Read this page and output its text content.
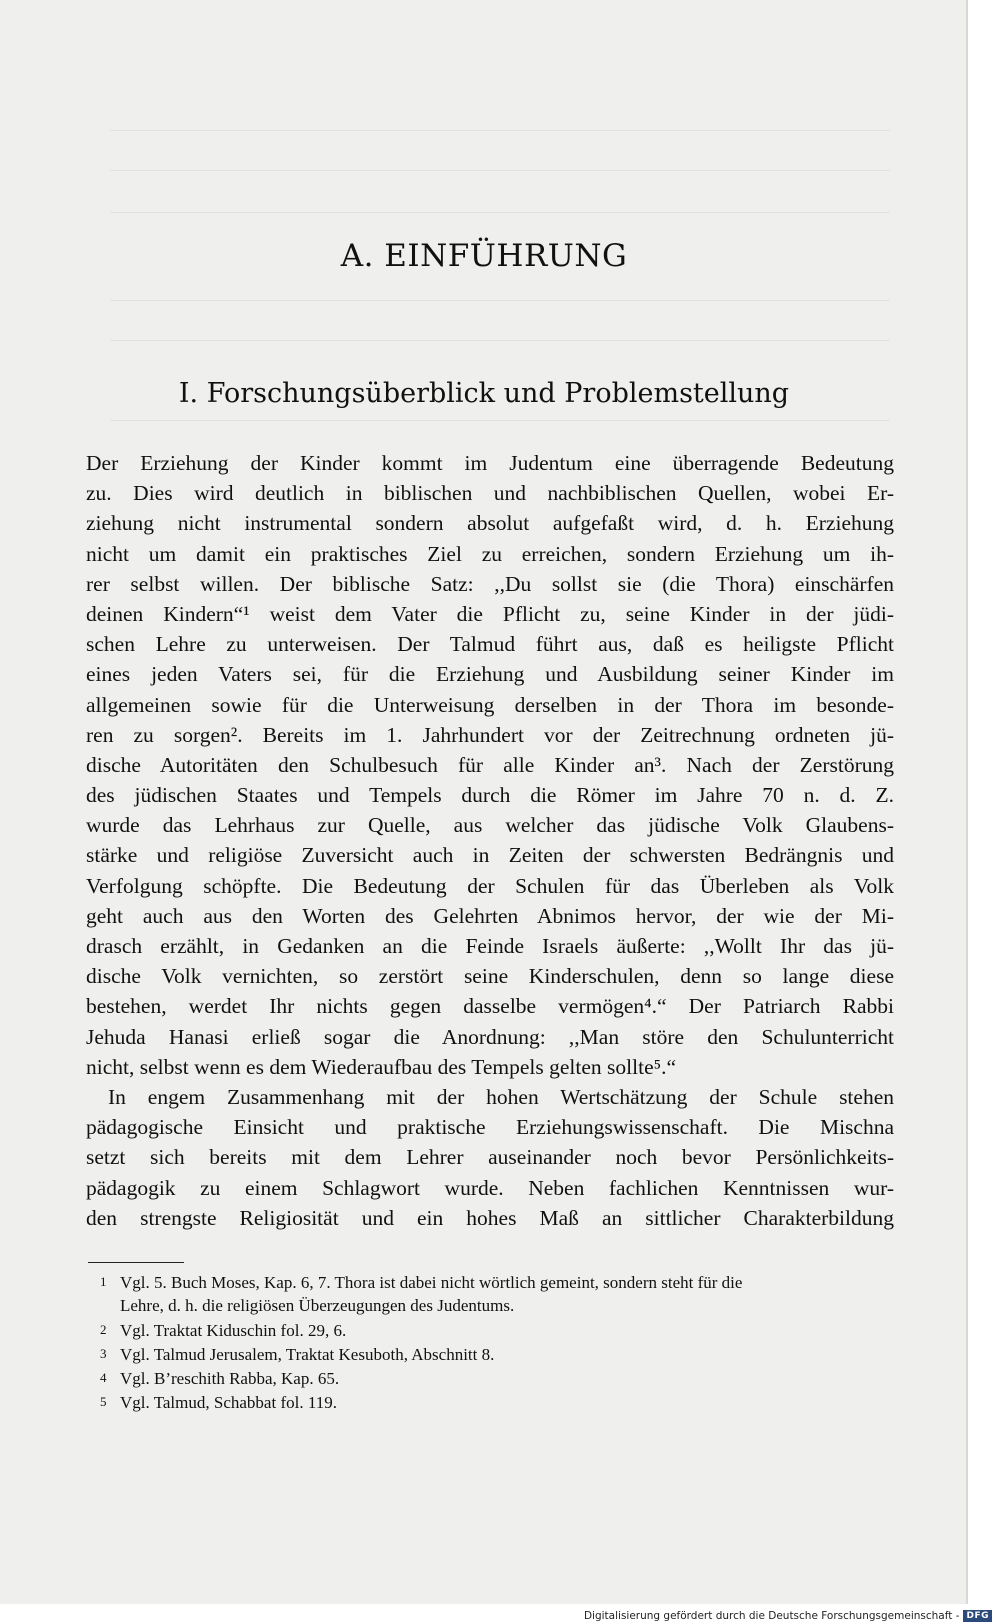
A. EINFÜHRUNG
I. Forschungsüberblick und Problemstellung
Der Erziehung der Kinder kommt im Judentum eine überragende Bedeutung
zu. Dies wird deutlich in biblischen und nachbiblischen Quellen, wobei Er-
ziehung nicht instrumental sondern absolut aufgefaßt wird, d. h. Erziehung
nicht um damit ein praktisches Ziel zu erreichen, sondern Erziehung um ih-
rer selbst willen. Der biblische Satz: ,,Du sollst sie (die Thora) einschärfen
deinen Kindern“¹ weist dem Vater die Pflicht zu, seine Kinder in der jüdi-
schen Lehre zu unterweisen. Der Talmud führt aus, daß es heiligste Pflicht
eines jeden Vaters sei, für die Erziehung und Ausbildung seiner Kinder im
allgemeinen sowie für die Unterweisung derselben in der Thora im besonde-
ren zu sorgen². Bereits im 1. Jahrhundert vor der Zeitrechnung ordneten jü-
dische Autoritäten den Schulbesuch für alle Kinder an³. Nach der Zerstörung
des jüdischen Staates und Tempels durch die Römer im Jahre 70 n. d. Z.
wurde das Lehrhaus zur Quelle, aus welcher das jüdische Volk Glaubens-
stärke und religiöse Zuversicht auch in Zeiten der schwersten Bedrängnis und
Verfolgung schöpfte. Die Bedeutung der Schulen für das Überleben als Volk
geht auch aus den Worten des Gelehrten Abnimos hervor, der wie der Mi-
drasch erzählt, in Gedanken an die Feinde Israels äußerte: ,,Wollt Ihr das jü-
dische Volk vernichten, so zerstört seine Kinderschulen, denn so lange diese
bestehen, werdet Ihr nichts gegen dasselbe vermögen⁴.“ Der Patriarch Rabbi
Jehuda Hanasi erließ sogar die Anordnung: ,,Man störe den Schulunterricht
nicht, selbst wenn es dem Wiederaufbau des Tempels gelten sollte⁵.“
In engem Zusammenhang mit der hohen Wertschätzung der Schule stehen
pädagogische Einsicht und praktische Erziehungswissenschaft. Die Mischna
setzt sich bereits mit dem Lehrer auseinander noch bevor Persönlichkeits-
pädagogik zu einem Schlagwort wurde. Neben fachlichen Kenntnissen wur-
den strengste Religiosität und ein hohes Maß an sittlicher Charakterbildung
1 Vgl. 5. Buch Moses, Kap. 6, 7. Thora ist dabei nicht wörtlich gemeint, sondern steht für die
Lehre, d. h. die religiösen Überzeugungen des Judentums.
2 Vgl. Traktat Kiduschin fol. 29, 6.
3 Vgl. Talmud Jerusalem, Traktat Kesuboth, Abschnitt 8.
4 Vgl. B’reschith Rabba, Kap. 65.
5 Vgl. Talmud, Schabbat fol. 119.
Digitalisierung gefördert durch die Deutsche Forschungsgemeinschaft - DFG
